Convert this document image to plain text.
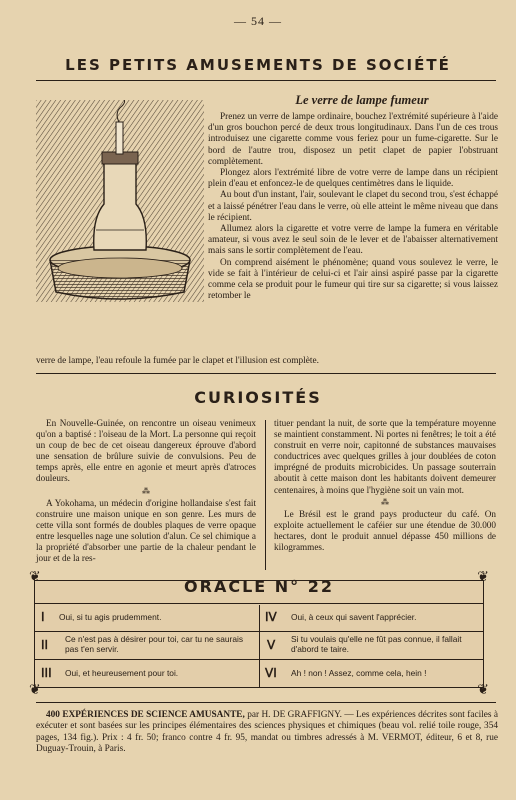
— 54 —
LES PETITS AMUSEMENTS DE SOCIÉTÉ
Le verre de lampe fumeur

Prenez un verre de lampe ordinaire, bouchez l'extrémité supérieure à l'aide d'un gros bouchon percé de deux trous longitudinaux. Dans l'un de ces trous introduisez une cigarette comme vous feriez pour un fume-cigarette. Sur le bord de l'autre trou, disposez un petit clapet de papier l'obstruant complètement.

Plongez alors l'extrémité libre de votre verre de lampe dans un récipient plein d'eau et enfoncez-le de quelques centimètres dans le liquide.

Au bout d'un instant, l'air, soulevant le clapet du second trou, s'est échappé et a laissé pénétrer l'eau dans le verre, où elle atteint le même niveau que dans le récipient.

Allumez alors la cigarette et votre verre de lampe la fumera en véritable amateur, si vous avez le seul soin de le lever et de l'abaisser alternativement mais sans le sortir complètement de l'eau.

On comprend aisément le phénomène; quand vous soulevez le verre, le vide se fait à l'intérieur de celui-ci et l'air ainsi aspiré passe par la cigarette comme cela se produit pour le fumeur qui tire sur sa cigarette; si vous laissez retomber le

verre de lampe, l'eau refoule la fumée par le clapet et l'illusion est complète.

CURIOSITÉS

En Nouvelle-Guinée, on rencontre un oiseau venimeux qu'on a baptisé : l'oiseau de la Mort. La personne qui reçoit un coup de bec de cet oiseau dangereux éprouve d'abord une sensation de brûlure suivie de convulsions. Peu de temps après, elle entre en agonie et meurt après d'atroces douleurs.

⁂

A Yokohama, un médecin d'origine hollandaise s'est fait construire une maison unique en son genre. Les murs de cette villa sont formés de doubles plaques de verre opaque entre lesquelles nage une solution d'alun. Ce sel chimique a la propriété d'absorber une partie de la chaleur pendant le jour et de la res-

tituer pendant la nuit, de sorte que la température moyenne se maintient constamment. Ni portes ni fenêtres; le toit a été construit en verre noir, capitonné de substances mauvaises conductrices avec quelques grilles à jour doublées de coton imprégné de produits microbicides. Un passage souterrain aboutit à cette maison dont les habitants doivent demeurer centenaires, à moins que l'hygiène soit un vain mot.

⁂

Le Brésil est le grand pays producteur du café. On exploite actuellement le caféier sur une étendue de 30.000 hectares, dont le produit annuel dépasse 450 millions de kilogrammes.

❦	❦
❦	❦
ORACLE N° 22
Ⅰ Oui, si tu agis prudemment.	ⅠⅤ Oui, à ceux qui savent l'apprécier.
ⅠⅠ Ce n'est pas à désirer pour toi, car tu ne saurais pas t'en servir.	Ⅴ Si tu voulais qu'elle ne fût pas connue, il fallait d'abord te taire.
ⅠⅠⅠ Oui, et heureusement pour toi.	ⅤⅠ Ah ! non ! Assez, comme cela, hein !

400 EXPÉRIENCES DE SCIENCE AMUSANTE, par H. DE GRAFFIGNY. — Les expériences décrites sont faciles à exécuter et sont basées sur les principes élémentaires des sciences physiques et chimiques (beau vol. relié toile rouge, 354 pages, 134 fig.). Prix : 4 fr. 50; franco contre 4 fr. 95, mandat ou timbres adressés à M. VERMOT, éditeur, 6 et 8, rue Duguay-Trouin, à Paris.
